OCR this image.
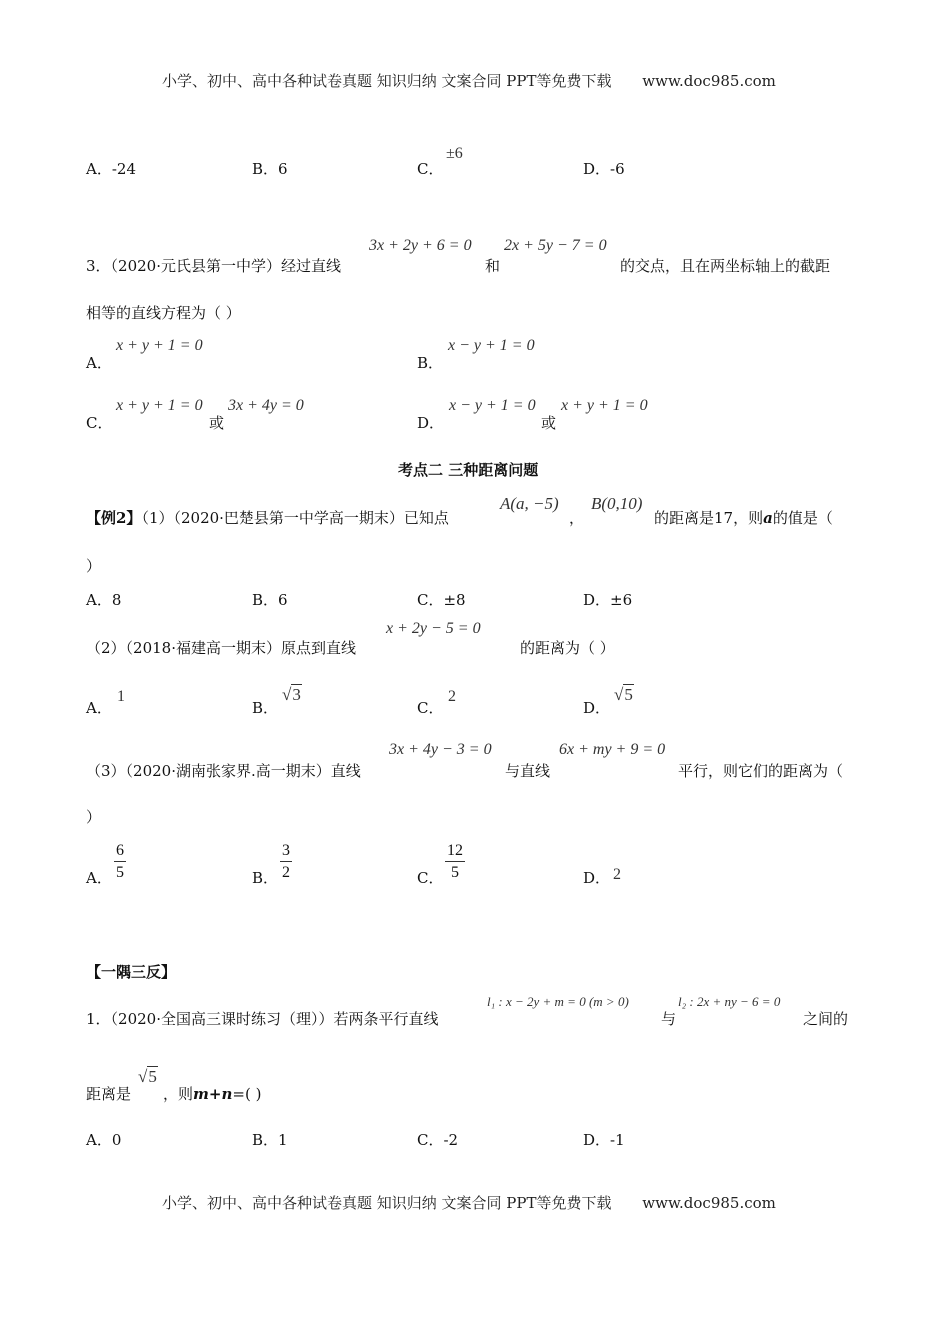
小学、初中、高中各种试卷真题 知识归纳 文案合同 PPT等免费下载 www.doc985.com
A．-24	B．6	C．
±6
D．-6
3．（2020·元氏县第一中学）经过直线
3x + 2y + 6 = 0
和
2x + 5y − 7 = 0
的交点，且在两坐标轴上的截距
相等的直线方程为（ ）
A．
x + y + 1 = 0
B．
x − y + 1 = 0
C．
x + y + 1 = 0
或
3x + 4y = 0
D．
x − y + 1 = 0
或
x + y + 1 = 0
考点二 三种距离问题
【例2】（1）（2020·巴楚县第一中学高一期末）已知点
A(a, −5)
，
B(0,10)
的距离是17，则a的值是（
）
A．8	B．6	C．±8	D．±6
（2）（2018·福建高一期末）原点到直线
x + 2y − 5 = 0
的距离为（ ）
A．
1
B．
√3
C．
2
D．
√5
（3）（2020·湖南张家界.高一期末）直线
3x + 4y − 3 = 0
与直线
6x + my + 9 = 0
平行，则它们的距离为（
）
A． $\frac{6}{5}$	B． $\frac{3}{2}$	C． $\frac{12}{5}$	D． 2
【一隅三反】
1．（2020·全国高三课时练习（理））若两条平行直线
l₁ : x − 2y + m = 0 (m > 0)
与
l₂ : 2x + ny − 6 = 0
之间的
距离是
√5
，则m+n=( )
A．0	B．1	C．-2	D．-1
小学、初中、高中各种试卷真题 知识归纳 文案合同 PPT等免费下载 www.doc985.com
